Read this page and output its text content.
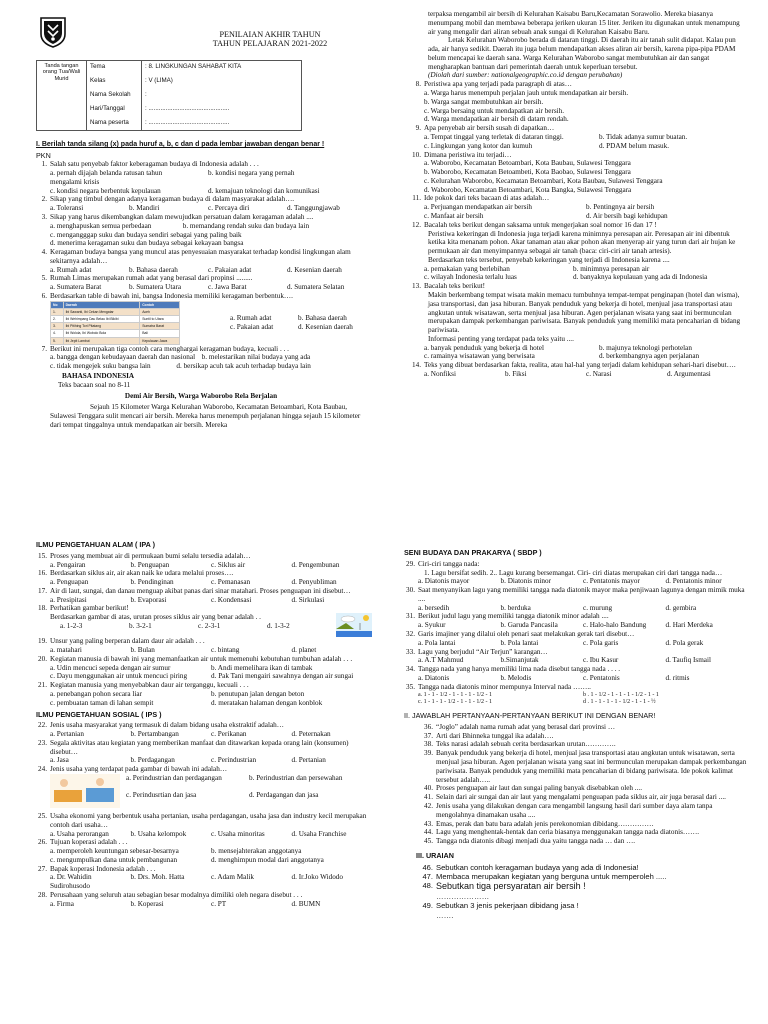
PENILAIAN AKHIR TAHUN
TAHUN PELAJARAN 2021-2022
Tanda tangan orang Tua/Wali Murid	Tema	: 8. LINGKUNGAN SAHABAT KITA
	Kelas	: V (LIMA)
	Nama Sekolah	:
	Hari/Tanggal	: ...............................................
	Nama peserta	: ...............................................
I. Berilah tanda silang (x) pada huruf a, b, c dan d pada lembar jawaban dengan benar !
PKN
1. Salah satu penyebab faktor keberagaman budaya di Indonesia adalah . . .
a. pernah dijajah belanda ratusan tahun	b. kondisi negara yang pernah
mengalami krisis
c. kondisi negara berbentuk kepulauan	d. kemajuan teknologi dan komunikasi
2. Sikap yang timbul dengan adanya keragaman budaya di dalam masyarakat adalah….
a. Toleransi	b. Mandiri	c. Percaya diri	d. Tanggungjawab
3. Sikap yang harus dikembangkan dalam mewujudkan persatuan dalam keragaman adalah ....
a. menghapuskan semua perbedaan	b. memandang rendah suku dan budaya lain
c. mengangggap suku dan budaya sendiri sebagai yang paling baik
d. menerima keragaman suku dan budaya sebagai kekayaan bangsa
4. Keragaman budaya bangsa yang muncul atas penyesuaian masyarakat terhadap kondisi lingkungan alam sekitarnya adalah…
a. Rumah adat	b. Bahasa daerah	c. Pakaian adat	d. Kesenian daerah
5. Rumah Limas merupakan rumah adat yang berasal dari propinsi .........
a. Sumatera Barat	b. Sumatera Utara	c. Jawa Barat	d. Sumatera Selatan
6. Berdasarkan table di bawah ini, bangsa Indonesia memiliki keragaman berbentuk….
No	Daerah	Contoh
1.	Ibi Sawanti, Ibi Cekan Mengatar	Aceh
2.	Ibi Wehimpang Dau Belau Ibi Bikibi	Suntil to Utara
3.	Ibi Pitihing Tori Pitatang	Sumatra Barat
4.	Ibi Wolola, Ibi Wobolo Bola	Bali
5.	Ibi Jepit Lambut	Kepulauan Jawa
a. Rumah adat	b. Bahasa daerah
c. Pakaian adat	d. Kesenian daerah
7. Berikut ini merupakan tiga contoh cara menghargai keragaman budaya, kecuali . . .
a. bangga dengan kebudayaan daerah dan nasional b. melestarikan nilai budaya yang ada
c. tidak mengejek suku bangsa lain	d. bersikap acuh tak acuh terhadap budaya lain
BAHASA INDONESIA
Teks bacaan soal no 8-11
Demi Air Bersih, Warga Waborobo Rela Berjalan
Sejauh 15 Kilometer Warga Kelurahan Waborobo, Kecamatan Betoambari, Kota Baubau, Sulawesi Tenggara sulit mencari air bersih. Mereka harus menempuh perjalanan hingga sejauh 15 kilometer dari tempat tinggalnya untuk mendapatkan air bersih. Mereka
terpaksa mengambil air bersih di Kelurahan Kaisabu Baru,Kecamatan Sorawolio. Mereka biasanya menumpang mobil dan membawa beberapa jeriken ukuran 15 liter. Jeriken itu digunakan untuk menampung air yang mengalir dari aliran sebuah anak sungai di Kelurahan Kaisabu Baru.
Letak Kelurahan Waborobo berada di dataran tinggi. Di daerah itu air tanah sulit didapat. Kalau pun ada, air hanya sedikit. Daerah itu juga belum mendapatkan akses aliran air bersih, karena pipa-pipa PDAM belum mencapai ke daerah sana. Warga Kelurahan Waborobo sangat membutuhkan air dan sangat mengharapkan bantuan dari pemerintah daerah untuk keperluan tersebut.
(Diolah dari sumber: nationalgeographic.co.id dengan perubahan)
8. Peristiwa apa yang terjadi pada paragraph di atas…
a. Warga harus menempuh perjalan jauh untuk mendapatkan air bersih.
b. Warga sangat membutuhkan air bersih.
c. Warga bersaing untuk mendapatkan air bersih.
d. Warga mendapatkan air bersih di datarn rendah.
9. Apa penyebab air bersih susah di dapatkan…
a. Tempat tinggal yang terletak di dataran tinggi.	b. Tidak adanya sumur buatan.
c. Lingkungan yang kotor dan kumuh	d. PDAM belum masuk.
10. Dimana peristiwa itu terjadi…
a. Waborobo, Kecamatan Betoambari, Kota Baubau, Sulawesi Tenggara
b. Waborobo, Kecamatan Betoambeti, Kota Baobao, Sulawesi Tenggara
c. Kelurahan Waborobo, Kecamatan Betoambari, Kota Baubau, Sulawesi Tenggara
d. Waborobo, Kecamatan Betoambari, Kota Bangka, Sulawesi Tenggara
11. Ide pokok dari teks bacaan di atas adalah…
a. Perjuangan mendapatkan air bersih	b. Pentingnya air bersih
c. Manfaat air bersih	d. Air bersih bagi kehidupan
12. Bacalah teks berikut dengan saksama untuk mengerjakan soal nomor 16 dan 17 !
Peristiwa kekeringan di Indonesia juga terjadi karena minimnya peresapan air. Peresapan air ini dibentuk ketika kita menanam pohon. Akar tanaman atau akar pohon akan menyerap air yang turun dari air hujan ke permukaan air dan menyimpannya sebagai air tanah (baca: ciri-ciri air tanah artesis).
Berdasarkan teks tersebut, penyebab kekeringan yang terjadi di Indonesia karena ....
a. pemakaian yang berlebihan	b. minimnya peresapan air
c. wilayah Indonesia terlalu luas	d. banyaknya kepulauan yang ada di Indonesia
13. Bacalah teks berikut!
Makin berkembang tempat wisata makin memacu tumbuhnya tempat-tempat penginapan (hotel dan wisma), jasa transportasi, dan jasa hiburan. Banyak penduduk yang bekerja di hotel, menjual jasa transportasi atau angkutan untuk wisatawan, serta menjual jasa hiburan. Agen perjalanan wisata yang saat ini bermunculan merupakan dampak perkembangan pariwisata. Banyak penduduk yang memiliki mata pencaharian di bidang pariwisata.
Informasi penting yang terdapat pada teks yaitu ....
a. banyak penduduk yang bekerja di hotel	b. majunya teknologi perhotelan
c. ramainya wisatawan yang berwisata	d. berkembangnya agen perjalanan
14. Teks yang dibuat berdasarkan fakta, realita, atau hal-hal yang terjadi dalam kehidupan sehari-hari disebut….
a. Nonfiksi	b. Fiksi	c. Narasi	d. Argumentasi
ILMU PENGETAHUAN ALAM ( IPA )
15. Proses yang membuat air di permukaan bumi selalu tersedia adalah…
a. Pengairan	b. Penguapan	c. Siklus air	d. Pengembunan
16. Berdasarkan siklus air, air akan naik ke udara melalui proses….
a. Penguapan	b. Pendinginan	c. Pemanasan	d. Penyubliman
17. Air di laut, sungai, dan danau menguap akibat panas dari sinar matahari. Proses penguapan ini disebut…
a. Presipitasi	b. Evaporasi	c. Kondensasi	d. Sirkulasi
18. Perhatikan gambar berikut!
Berdasarkan gambar di atas, urutan proses siklus air yang benar adalah . .
a. 1-2-3	b. 3-2-1	c. 2-3-1	d. 1-3-2
19. Unsur yang paling berperan dalam daur air adalah . . .
a. matahari	b. Bulan	c. bintang	d. planet
20. Kegiatan manusia di bawah ini yang memanfaatkan air untuk memenuhi kebutuhan tumbuhan adalah . . .
a. Udin mencuci sepeda dengan air sumur	b. Andi memelihara ikan di tambak
c. Dayu menggunakan air untuk mencuci piring	d. Pak Tani mengairi sawahnya dengan air sungai
21. Kegiatan manusia yang menyebabkan daur air terganggu, kecuali . . .
a. penebangan pohon secara liar	b. penutupan jalan dengan beton
c. pembuatan taman di lahan sempit	d. meratakan halaman dengan konblok
ILMU PENGETAHUAN SOSIAL ( IPS )
22. Jenis usaha masyarakat yang termasuk di dalam bidang usaha ekstraktif adalah…
a. Pertanian	b. Pertambangan	c. Perikanan	d. Peternakan
23. Segala aktivitas atau kegiatan yang memberikan manfaat dan ditawarkan kepada orang lain (konsumen) disebut…
a. Jasa	b. Perdagangan	c. Perindustrian	d. Pertanian
24. Jenis usaha yang terdapat pada gambar di bawah ini adalah…
a. Perindustrian dan perdagangan	b. Perindustrian dan persewahan
c. Perindusrtian dan jasa	d. Perdagangan dan jasa
25. Usaha ekonomi yang berbentuk usaha pertanian, usaha perdagangan, usaha jasa dan industry kecil merupakan contoh dari usaha…
a. Usaha perorangan	b. Usaha kelompok	c. Usaha minoritas	d. Usaha Franchise
26. Tujuan koperasi adalah . . .
a. memperoleh keuntungan sebesar-besarnya	b. mensejahterakan anggotanya
c. mengumpulkan dana untuk pembangunan	d. menghimpun modal dari anggotanya
27. Bapak koperasi Indonesia adalah . . .
a. Dr. Wahidin Sudirohusodo
b. Drs. Moh. Hatta	c. Adam Malik	d. Ir.Joko Widodo
28. Perusahaan yang seluruh atau sebagian besar modalnya dimiliki oleh negara disebut . . .
a. Firma	b. Koperasi	c. PT	d. BUMN
SENI BUDAYA DAN PRAKARYA ( SBDP )
29. Ciri-ciri tangga nada:
1. Lagu bersifat sedih. 2.. Lagu kurang bersemangat. Ciri- ciri diatas merupakan ciri dari tangga nada…
a. Diatonis mayor	b. Diatonis minor	c. Pentatonis mayor	d. Pentatonis minor
30. Saat menyanyikan lagu yang memiliki tangga nada diatonik mayor maka penjiwaan lagunya dengan mimik muka ....
a. bersedih	b. berduka	c. murung	d. gembira
31. Berikut judul lagu yang memiliki tangga diatonik minor adalah ....
a. Syukur	b. Garuda Pancasila	c. Halo-halo Bandung	d. Hari Merdeka
32. Garis imajiner yang dilalui oleh penari saat melakukan gerak tari disebut…
a. Pola lantai	b. Pola lantai	c. Pola garis	d. Pola gerak
33. Lagu yang berjudul “Air Terjun” karangan…
a. A.T Mahmud	b.Simanjutak	c. Ibu Kasur	d. Taufiq Ismail
34. Tangga nada yang hanya memiliki lima nada disebut tangga nada . . . .
a. Diatonis	b. Melodis	c. Pentatonis	d. ritmis
35. Tangga nada diatonis minor mempunya Interval nada ……..
a. 1 - 1 - 1/2 - 1 - 1 - 1 - 1/2 - 1	b . 1 - 1/2 - 1 - 1 - 1 - 1/2 - 1 - 1
c. 1 - 1 - 1 - 1/2 - 1 - 1 - 1/2 - 1	d . 1 - 1 - 1 - 1 - 1/2 - 1 - 1 - ½
II. JAWABLAH PERTANYAAN-PERTANYAAN BERIKUT INI DENGAN BENAR!
36. “Joglo” adalah nama rumah adat yang berasal dari provinsi …
37. Arti dari Bhinneka tunggal ika adalah….
38. Teks narasi adalah sebuah cerita berdasarkan urutan………….
39. Banyak penduduk yang bekerja di hotel, menjual jasa transportasi atau angkutan untuk wisatawan, serta menjual jasa hiburan. Agen perjalanan wisata yang saat ini bermunculan merupakan dampak perkembangan pariwisata. Banyak penduduk yang memiliki mata pencaharian di bidang pariwisata. Ide pokok kalimat tersebut adalah…..
40. Proses penguapan air laut dan sungai paling banyak disebabkan oleh ....
41. Selain dari air sungai dan air laut yang mengalami penguapan pada siklus air, air juga berasal dari ....
42. Jenis usaha yang dilakukan dengan cara mengambil langsung hasil dari sumber daya alam tanpa mengolahnya dinamakan usaha ....
43. Emas, perak dan batu bara adalah jenis perekonomian dibidang……………
44. Lagu yang menghentak-hentak dan ceria biasanya menggunakan tangga nada diatonis…….
45. Tangga nda diatonis dibagi menjadi dua yaitu tangga nada … dan ….
III. URAIAN
46. Sebutkan contoh keragaman budaya yang ada di Indonesia!
47. Membaca merupakan kegiatan yang berguna untuk memperoleh .....
48. Sebutkan tiga persyaratan air bersih !
…………………
49. Sebutkan 3 jenis pekerjaan dibidang jasa !
…….
